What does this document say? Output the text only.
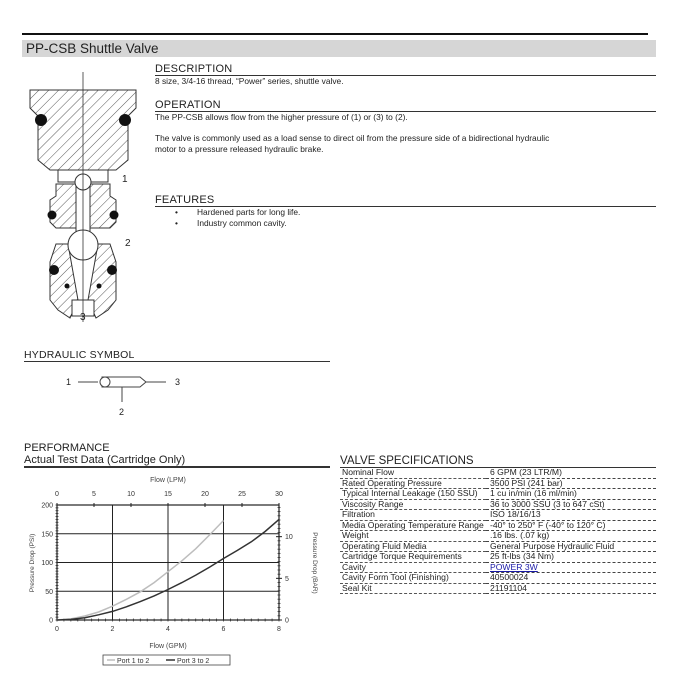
PP-CSB Shuttle Valve
DESCRIPTION
8 size, 3/4-16 thread, “Power” series, shuttle valve.
OPERATION
The PP-CSB allows flow from the higher pressure of (1) or (3) to (2).
The valve is commonly used as a load sense to direct oil from the pressure side of a bidirectional hydraulic
motor to a pressure released hydraulic brake.
FEATURES
• Hardened parts for long life.
• Industry common cavity.
1
2
3
HYDRAULIC SYMBOL
1	3
2
PERFORMANCE
Actual Test Data (Cartridge Only)
0	2	4	6	8
0
50
100
150
200
0	5	10	15	20	25	30
0
5
10
Flow (LPM)
Flow (GPM)
Pressure Drop (PSI)	Pressure Drop (BAR)
Port 1 to 2	Port 3 to 2
VALVE SPECIFICATIONS
Nominal Flow	6 GPM (23 LTR/M)
Rated Operating Pressure	3500 PSI (241 bar)
Typical Internal Leakage (150 SSU)	1 cu in/min (16 ml/min)
Viscosity Range	36 to 3000 SSU (3 to 647 cSt)
Filtration	ISO 18/16/13
Media Operating Temperature Range	-40° to 250° F (-40° to 120° C)
Weight	.16 lbs. (.07 kg)
Operating Fluid Media	General Purpose Hydraulic Fluid
Cartridge Torque Requirements	25 ft-lbs (34 Nm)
Cavity	POWER 3W
Cavity Form Tool (Finishing)	40500024
Seal Kit	21191104
